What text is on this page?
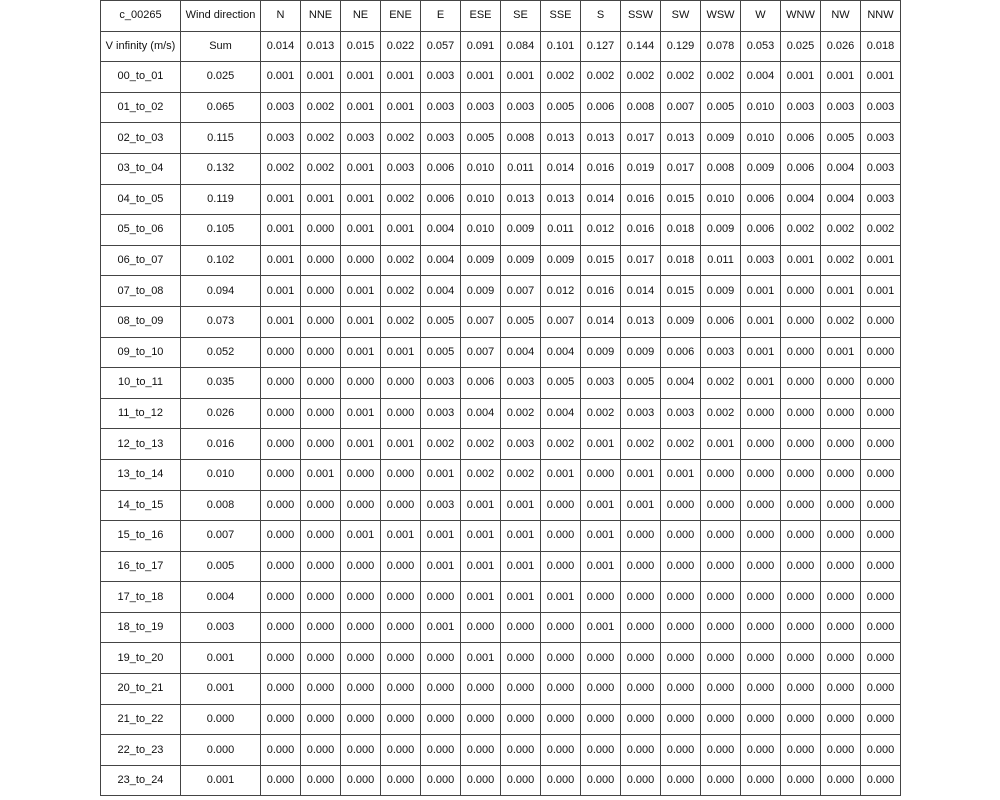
c_00265	Wind direction	N	NNE	NE	ENE	E	ESE	SE	SSE	S	SSW	SW	WSW	W	WNW	NW	NNW
V infinity (m/s)	Sum	0.014	0.013	0.015	0.022	0.057	0.091	0.084	0.101	0.127	0.144	0.129	0.078	0.053	0.025	0.026	0.018
00_to_01	0.025	0.001	0.001	0.001	0.001	0.003	0.001	0.001	0.002	0.002	0.002	0.002	0.002	0.004	0.001	0.001	0.001
01_to_02	0.065	0.003	0.002	0.001	0.001	0.003	0.003	0.003	0.005	0.006	0.008	0.007	0.005	0.010	0.003	0.003	0.003
02_to_03	0.115	0.003	0.002	0.003	0.002	0.003	0.005	0.008	0.013	0.013	0.017	0.013	0.009	0.010	0.006	0.005	0.003
03_to_04	0.132	0.002	0.002	0.001	0.003	0.006	0.010	0.011	0.014	0.016	0.019	0.017	0.008	0.009	0.006	0.004	0.003
04_to_05	0.119	0.001	0.001	0.001	0.002	0.006	0.010	0.013	0.013	0.014	0.016	0.015	0.010	0.006	0.004	0.004	0.003
05_to_06	0.105	0.001	0.000	0.001	0.001	0.004	0.010	0.009	0.011	0.012	0.016	0.018	0.009	0.006	0.002	0.002	0.002
06_to_07	0.102	0.001	0.000	0.000	0.002	0.004	0.009	0.009	0.009	0.015	0.017	0.018	0.011	0.003	0.001	0.002	0.001
07_to_08	0.094	0.001	0.000	0.001	0.002	0.004	0.009	0.007	0.012	0.016	0.014	0.015	0.009	0.001	0.000	0.001	0.001
08_to_09	0.073	0.001	0.000	0.001	0.002	0.005	0.007	0.005	0.007	0.014	0.013	0.009	0.006	0.001	0.000	0.002	0.000
09_to_10	0.052	0.000	0.000	0.001	0.001	0.005	0.007	0.004	0.004	0.009	0.009	0.006	0.003	0.001	0.000	0.001	0.000
10_to_11	0.035	0.000	0.000	0.000	0.000	0.003	0.006	0.003	0.005	0.003	0.005	0.004	0.002	0.001	0.000	0.000	0.000
11_to_12	0.026	0.000	0.000	0.001	0.000	0.003	0.004	0.002	0.004	0.002	0.003	0.003	0.002	0.000	0.000	0.000	0.000
12_to_13	0.016	0.000	0.000	0.001	0.001	0.002	0.002	0.003	0.002	0.001	0.002	0.002	0.001	0.000	0.000	0.000	0.000
13_to_14	0.010	0.000	0.001	0.000	0.000	0.001	0.002	0.002	0.001	0.000	0.001	0.001	0.000	0.000	0.000	0.000	0.000
14_to_15	0.008	0.000	0.000	0.000	0.000	0.003	0.001	0.001	0.000	0.001	0.001	0.000	0.000	0.000	0.000	0.000	0.000
15_to_16	0.007	0.000	0.000	0.001	0.001	0.001	0.001	0.001	0.000	0.001	0.000	0.000	0.000	0.000	0.000	0.000	0.000
16_to_17	0.005	0.000	0.000	0.000	0.000	0.001	0.001	0.001	0.000	0.001	0.000	0.000	0.000	0.000	0.000	0.000	0.000
17_to_18	0.004	0.000	0.000	0.000	0.000	0.000	0.001	0.001	0.001	0.000	0.000	0.000	0.000	0.000	0.000	0.000	0.000
18_to_19	0.003	0.000	0.000	0.000	0.000	0.001	0.000	0.000	0.000	0.001	0.000	0.000	0.000	0.000	0.000	0.000	0.000
19_to_20	0.001	0.000	0.000	0.000	0.000	0.000	0.001	0.000	0.000	0.000	0.000	0.000	0.000	0.000	0.000	0.000	0.000
20_to_21	0.001	0.000	0.000	0.000	0.000	0.000	0.000	0.000	0.000	0.000	0.000	0.000	0.000	0.000	0.000	0.000	0.000
21_to_22	0.000	0.000	0.000	0.000	0.000	0.000	0.000	0.000	0.000	0.000	0.000	0.000	0.000	0.000	0.000	0.000	0.000
22_to_23	0.000	0.000	0.000	0.000	0.000	0.000	0.000	0.000	0.000	0.000	0.000	0.000	0.000	0.000	0.000	0.000	0.000
23_to_24	0.001	0.000	0.000	0.000	0.000	0.000	0.000	0.000	0.000	0.000	0.000	0.000	0.000	0.000	0.000	0.000	0.000
